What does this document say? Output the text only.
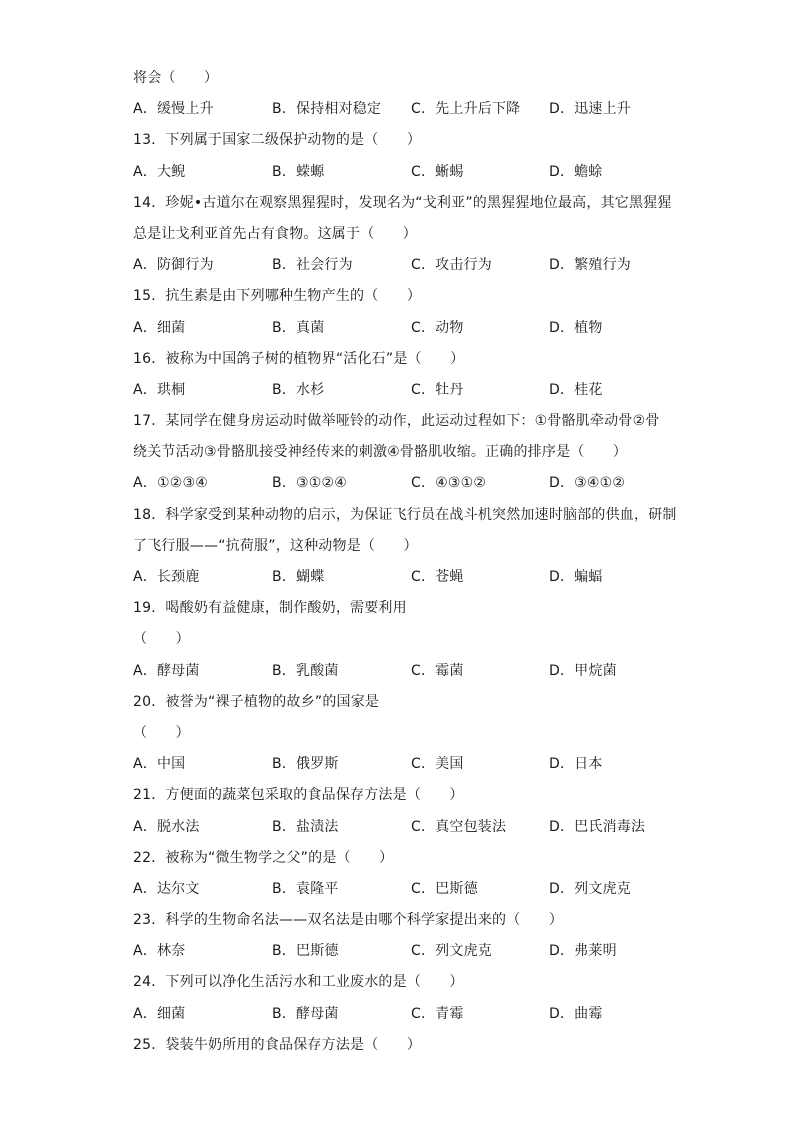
将会（　　）
A．缓慢上升	B．保持相对稳定	C．先上升后下降	D．迅速上升
13．下列属于国家二级保护动物的是（　　）
A．大鲵	B．蝾螈	C．蜥蜴	D．蟾蜍
14．珍妮•古道尔在观察黑猩猩时，发现名为“戈利亚”的黑猩猩地位最高，其它黑猩猩
总是让戈利亚首先占有食物。这属于（　　）
A．防御行为	B．社会行为	C．攻击行为	D．繁殖行为
15．抗生素是由下列哪种生物产生的（　　）
A．细菌	B．真菌	C．动物	D．植物
16．被称为中国鸽子树的植物界“活化石”是（　　）
A．珙桐	B．水杉	C．牡丹	D．桂花
17．某同学在健身房运动时做举哑铃的动作，此运动过程如下：①骨骼肌牵动骨②骨
绕关节活动③骨骼肌接受神经传来的刺激④骨骼肌收缩。正确的排序是（　　）
A．①②③④	B．③①②④	C．④③①②	D．③④①②
18．科学家受到某种动物的启示，为保证飞行员在战斗机突然加速时脑部的供血，研制
了飞行服——“抗荷服”，这种动物是（　　）
A．长颈鹿	B．蝴蝶	C．苍蝇	D．蝙蝠
19．喝酸奶有益健康，制作酸奶，需要利用
（　　）
A．酵母菌	B．乳酸菌	C．霉菌	D．甲烷菌
20．被誉为“裸子植物的故乡”的国家是
（　　）
A．中国	B．俄罗斯	C．美国	D．日本
21．方便面的蔬菜包采取的食品保存方法是（　　）
A．脱水法	B．盐渍法	C．真空包装法	D．巴氏消毒法
22．被称为“微生物学之父”的是（　　）
A．达尔文	B．袁隆平	C．巴斯德	D．列文虎克
23．科学的生物命名法——双名法是由哪个科学家提出来的（　　）
A．林奈	B．巴斯德	C．列文虎克	D．弗莱明
24．下列可以净化生活污水和工业废水的是（　　）
A．细菌	B．酵母菌	C．青霉	D．曲霉
25．袋装牛奶所用的食品保存方法是（　　）
